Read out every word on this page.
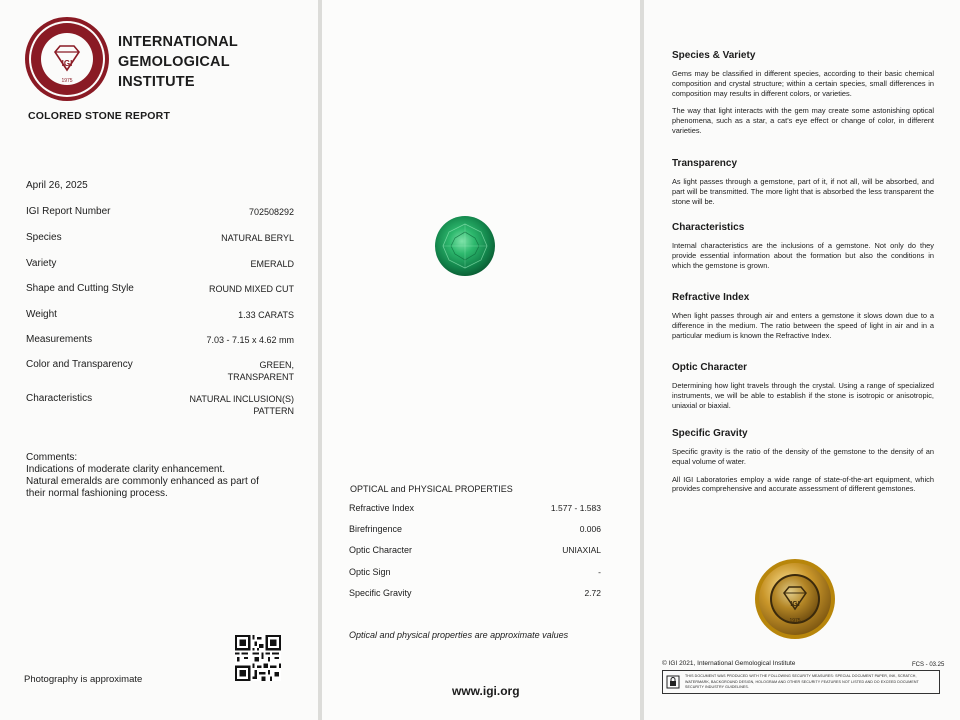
IGI
1975
INTERNATIONAL
GEMOLOGICAL
INSTITUTE
COLORED STONE REPORT
April 26, 2025
IGI Report Number	702508292
Species	NATURAL BERYL
Variety	EMERALD
Shape and Cutting Style	ROUND MIXED CUT
Weight	1.33 CARATS
Measurements	7.03 - 7.15 x 4.62 mm
Color and Transparency	GREEN,
TRANSPARENT
Characteristics	NATURAL INCLUSION(S)
PATTERN
Comments:
Indications of moderate clarity enhancement.
Natural emeralds are commonly enhanced as part of
their normal fashioning process.
Photography is approximate
OPTICAL and PHYSICAL PROPERTIES
Refractive Index	1.577 - 1.583
Birefringence	0.006
Optic Character	UNIAXIAL
Optic Sign	-
Specific Gravity	2.72
Optical and physical properties are approximate values
www.igi.org
Species & Variety

Gems may be classified in different species, according to their basic chemical composition and crystal structure; within a certain species, small differences in composition may results in different colors, or varieties.

The way that light interacts with the gem may create some astonishing optical phenomena, such as a star, a cat's eye effect or change of color, in different varieties.

Transparency

As light passes through a gemstone, part of it, if not all, will be absorbed, and part will be transmitted. The more light that is absorbed the less transparent the stone will be.

Characteristics

Internal characteristics are the inclusions of a gemstone. Not only do they provide essential information about the formation but also the conditions in which the gemstone is grown.

Refractive Index

When light passes through air and enters a gemstone it slows down due to a difference in the medium. The ratio between the speed of light in air and in a particular medium is known the Refractive Index.

Optic Character

Determining how light travels through the crystal. Using a range of specialized instruments, we will be able to establish if the stone is isotropic or anisotropic, uniaxial or biaxial.

Specific Gravity

Specific gravity is the ratio of the density of the gemstone to the density of an equal volume of water.

All IGI Laboratories employ a wide range of state-of-the-art equipment, which provides comprehensive and accurate assessment of different gemstones.

IGI
1975
© IGI 2021, International Gemological Institute	FCS - 03.25
THIS DOCUMENT WAS PRODUCED WITH THE FOLLOWING SECURITY MEASURES: SPECIAL DOCUMENT PAPER, INK, SCRATCH, WATERMARK, BACKGROUND DESIGN, HOLOGRAM AND OTHER SECURITY FEATURES NOT LISTED AND DO EXCEED DOCUMENT SECURITY INDUSTRY GUIDELINES.
